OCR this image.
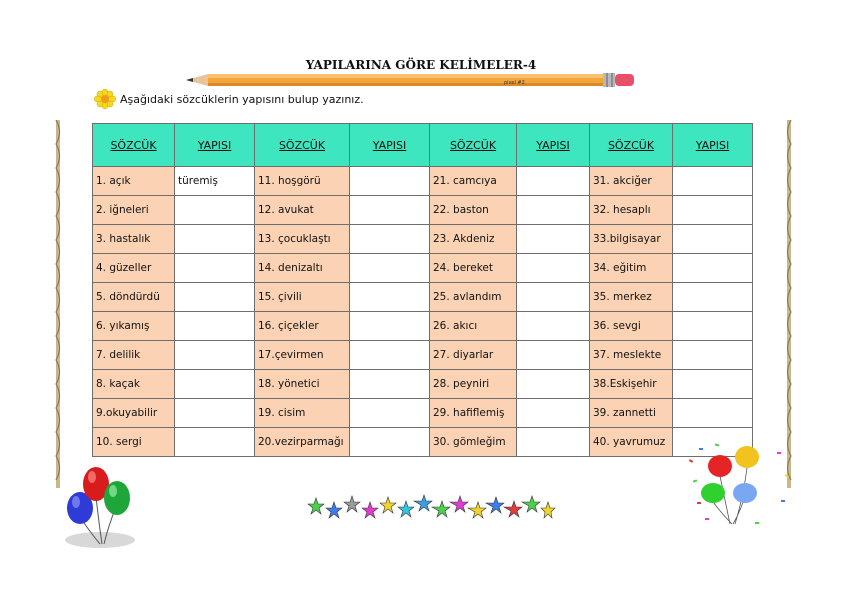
YAPILARINA GÖRE KELİMELER-4
pixel #2
Aşağıdaki sözcüklerin yapısını bulup yazınız.
SÖZCÜK	YAPISI	SÖZCÜK	YAPISI	SÖZCÜK	YAPISI	SÖZCÜK	YAPISI
1. açık	türemiş	11. hoşgörü		21. camcıya		31. akciğer	
2. iğneleri		12. avukat		22. baston		32. hesaplı	
3. hastalık		13. çocuklaştı		23. Akdeniz		33.bilgisayar	
4. güzeller		14. denizaltı		24. bereket		34. eğitim	
5. döndürdü		15. çivili		25. avlandım		35. merkez	
6. yıkamış		16. çiçekler		26. akıcı		36. sevgi	
7. delilik		17.çevirmen		27. diyarlar		37. meslekte	
8. kaçak		18. yönetici		28. peyniri		38.Eskişehir	
9.okuyabilir		19. cisim		29. hafiflemiş		39. zannetti	
10. sergi		20.vezirparmağı		30. gömleğim		40. yavrumuz	
